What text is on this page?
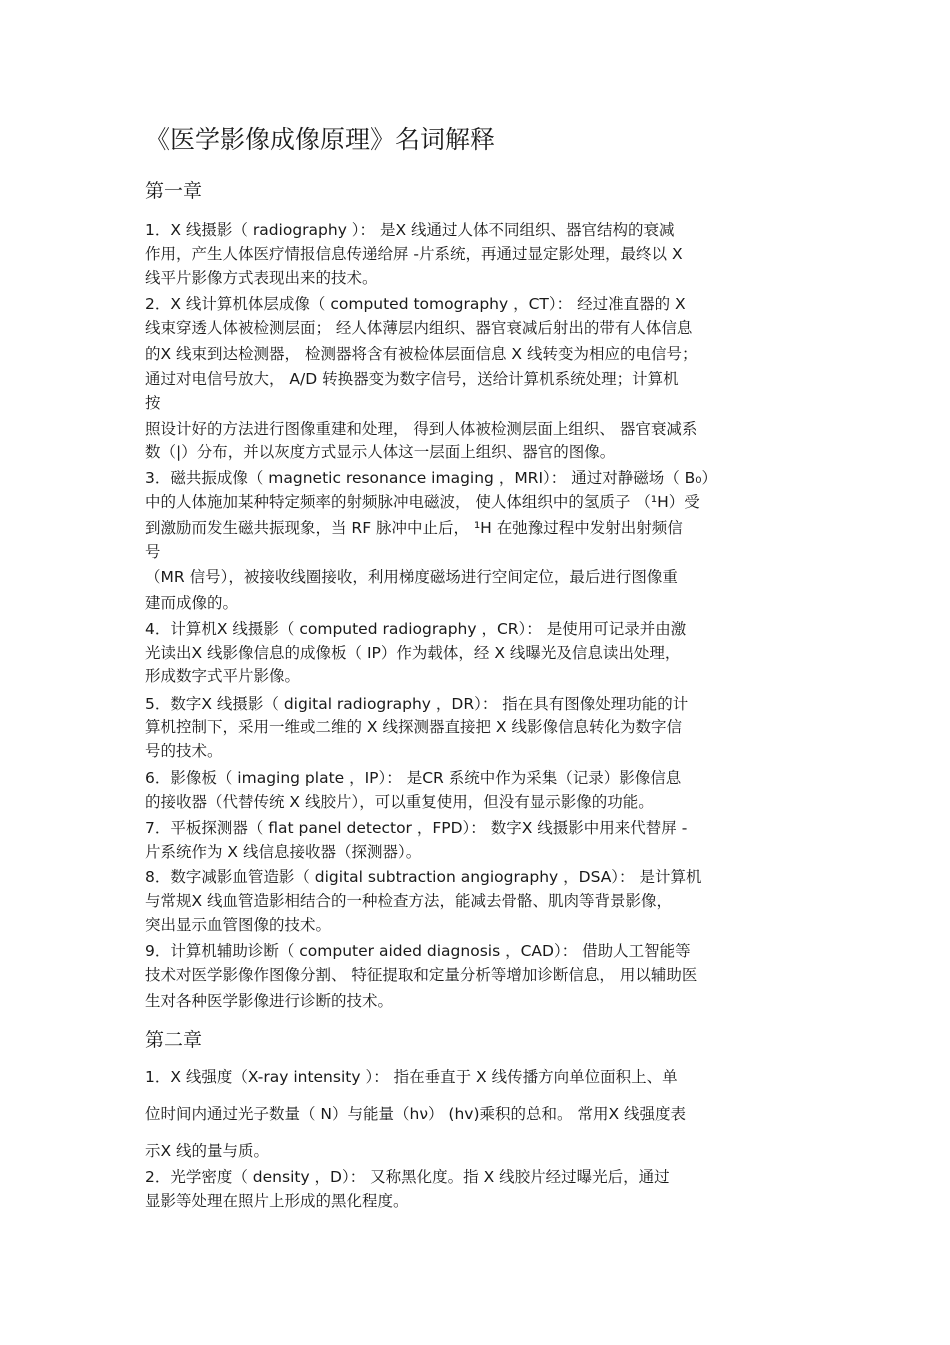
《医学影像成像原理》名词解释
第一章

1．X 线摄影（ radiography ）： 是X 线通过人体不同组织、器官结构的衰减

作用，产生人体医疗情报信息传递给屏 -片系统，再通过显定影处理，最终以 X

线平片影像方式表现出来的技术。

2．X 线计算机体层成像（ computed tomography ，CT）： 经过准直器的 X

线束穿透人体被检测层面； 经人体薄层内组织、器官衰减后射出的带有人体信息

的X 线束到达检测器， 检测器将含有被检体层面信息 X 线转变为相应的电信号；

通过对电信号放大， A/D 转换器变为数字信号，送给计算机系统处理；计算机

按

照设计好的方法进行图像重建和处理， 得到人体被检测层面上组织、 器官衰减系

数（|）分布，并以灰度方式显示人体这一层面上组织、器官的图像。

3．磁共振成像（ magnetic resonance imaging ，MRI）： 通过对静磁场（ B₀）

中的人体施加某种特定频率的射频脉冲电磁波， 使人体组织中的氢质子 （¹H）受

到激励而发生磁共振现象，当 RF 脉冲中止后， ¹H 在弛豫过程中发射出射频信

号

（MR 信号），被接收线圈接收，利用梯度磁场进行空间定位，最后进行图像重

建而成像的。

4．计算机X 线摄影（ computed radiography ，CR）： 是使用可记录并由激

光读出X 线影像信息的成像板（ IP）作为载体，经 X 线曝光及信息读出处理，

形成数字式平片影像。

5．数字X 线摄影（ digital radiography ，DR）： 指在具有图像处理功能的计

算机控制下，采用一维或二维的 X 线探测器直接把 X 线影像信息转化为数字信

号的技术。

6．影像板（ imaging plate ，IP）： 是CR 系统中作为采集（记录）影像信息

的接收器（代替传统 X 线胶片），可以重复使用，但没有显示影像的功能。

7．平板探测器（ flat panel detector ，FPD）： 数字X 线摄影中用来代替屏 -

片系统作为 X 线信息接收器（探测器）。

8．数字减影血管造影（ digital subtraction angiography ，DSA）： 是计算机

与常规X 线血管造影相结合的一种检查方法，能减去骨骼、肌肉等背景影像，

突出显示血管图像的技术。

9．计算机辅助诊断（ computer aided diagnosis ，CAD）： 借助人工智能等

技术对医学影像作图像分割、 特征提取和定量分析等增加诊断信息， 用以辅助医

生对各种医学影像进行诊断的技术。

第二章

1．X 线强度（X-ray intensity ）： 指在垂直于 X 线传播方向单位面积上、单

位时间内通过光子数量（ N）与能量（hν） (hv)乘积的总和。 常用X 线强度表

示X 线的量与质。

2．光学密度（ density ，D）： 又称黑化度。指 X 线胶片经过曝光后，通过

显影等处理在照片上形成的黑化程度。
